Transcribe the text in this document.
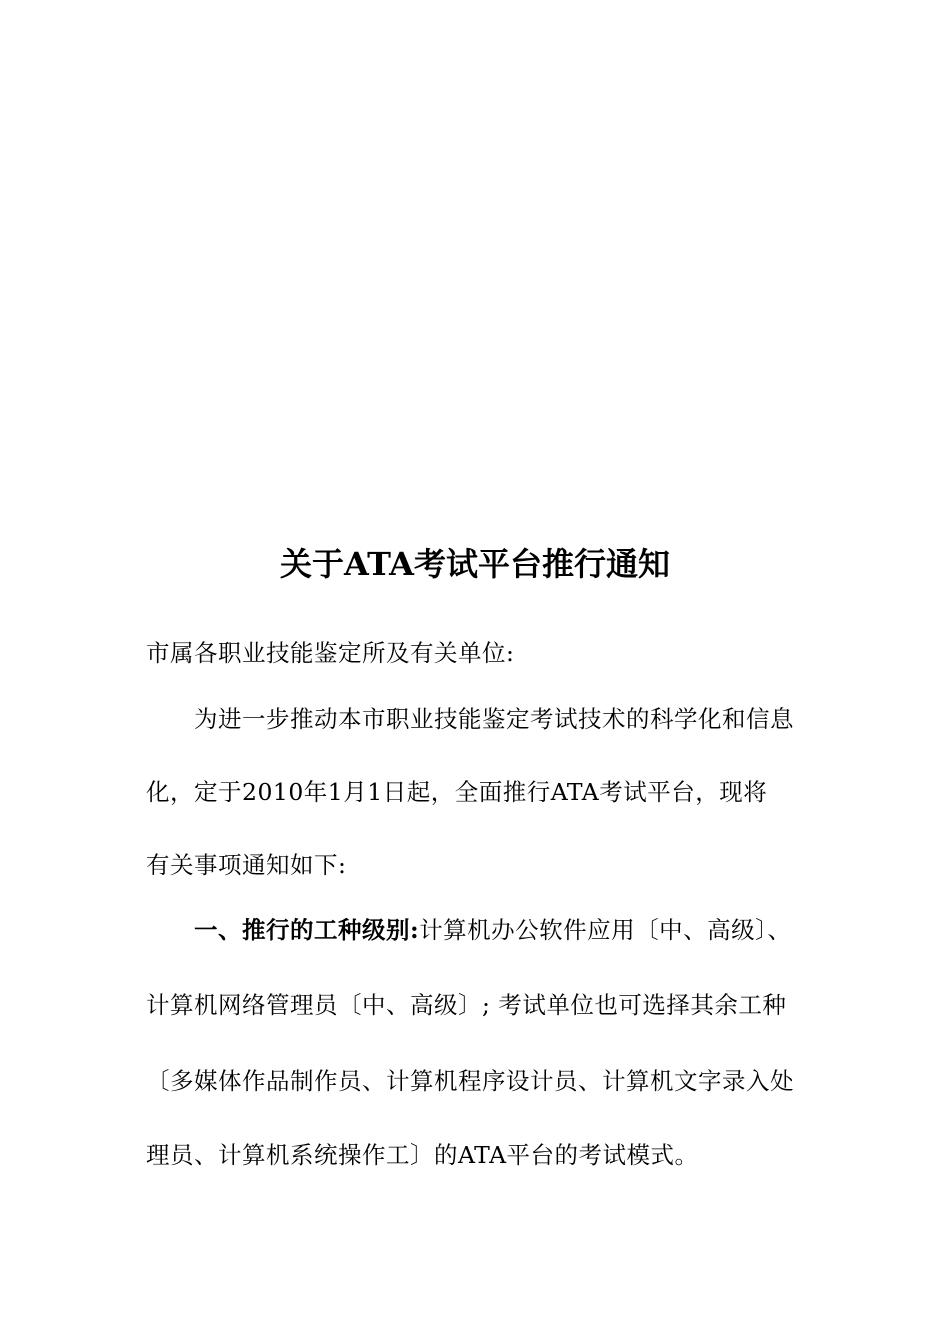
关于ATA考试平台推行通知
市属各职业技能鉴定所及有关单位:
为进一步推动本市职业技能鉴定考试技术的科学化和信息
化，定于2010年1月1日起，全面推行ATA考试平台，现将
有关事项通知如下:
一、推行的工种级别:计算机办公软件应用〔中、高级〕、
计算机网络管理员〔中、高级〕; 考试单位也可选择其余工种
〔多媒体作品制作员、计算机程序设计员、计算机文字录入处
理员、计算机系统操作工〕的ATA平台的考试模式。
